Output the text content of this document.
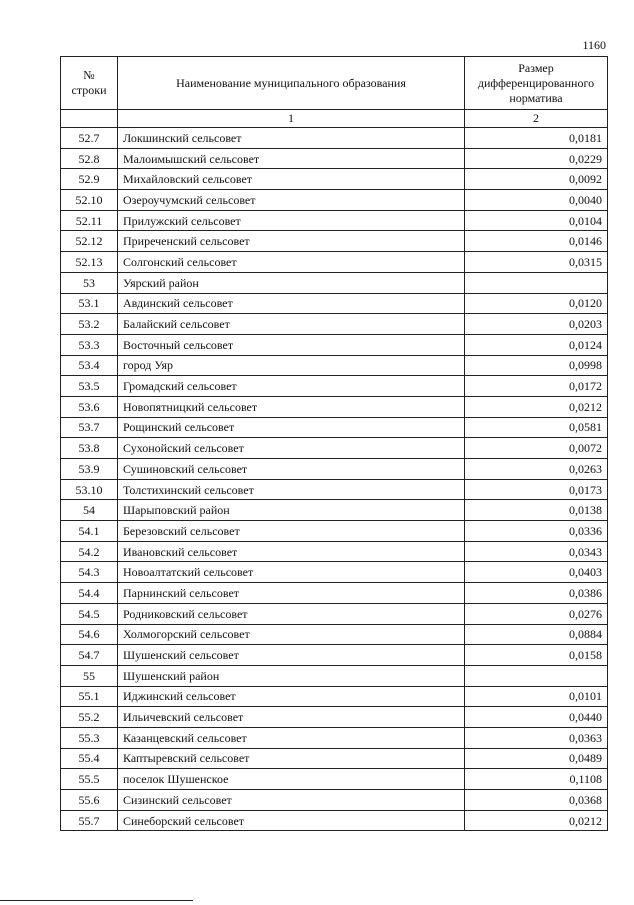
1160
№ строки	Наименование муниципального образования	Размер дифференцированного норматива
	1	2
52.7	Локшинский сельсовет	0,0181
52.8	Малоимышский сельсовет	0,0229
52.9	Михайловский сельсовет	0,0092
52.10	Озероучумский сельсовет	0,0040
52.11	Прилужский сельсовет	0,0104
52.12	Приреченский сельсовет	0,0146
52.13	Солгонский сельсовет	0,0315
53	Уярский район	
53.1	Авдинский сельсовет	0,0120
53.2	Балайский сельсовет	0,0203
53.3	Восточный сельсовет	0,0124
53.4	город Уяр	0,0998
53.5	Громадский сельсовет	0,0172
53.6	Новопятницкий сельсовет	0,0212
53.7	Рощинский сельсовет	0,0581
53.8	Сухонойский сельсовет	0,0072
53.9	Сушиновский сельсовет	0,0263
53.10	Толстихинский сельсовет	0,0173
54	Шарыповский район	0,0138
54.1	Березовский сельсовет	0,0336
54.2	Ивановский сельсовет	0,0343
54.3	Новоалтатский сельсовет	0,0403
54.4	Парнинский сельсовет	0,0386
54.5	Родниковский сельсовет	0,0276
54.6	Холмогорский сельсовет	0,0884
54.7	Шушенский сельсовет	0,0158
55	Шушенский район	
55.1	Иджинский сельсовет	0,0101
55.2	Ильичевский сельсовет	0,0440
55.3	Казанцевский сельсовет	0,0363
55.4	Каптыревский сельсовет	0,0489
55.5	поселок Шушенское	0,1108
55.6	Сизинский сельсовет	0,0368
55.7	Синеборский сельсовет	0,0212
